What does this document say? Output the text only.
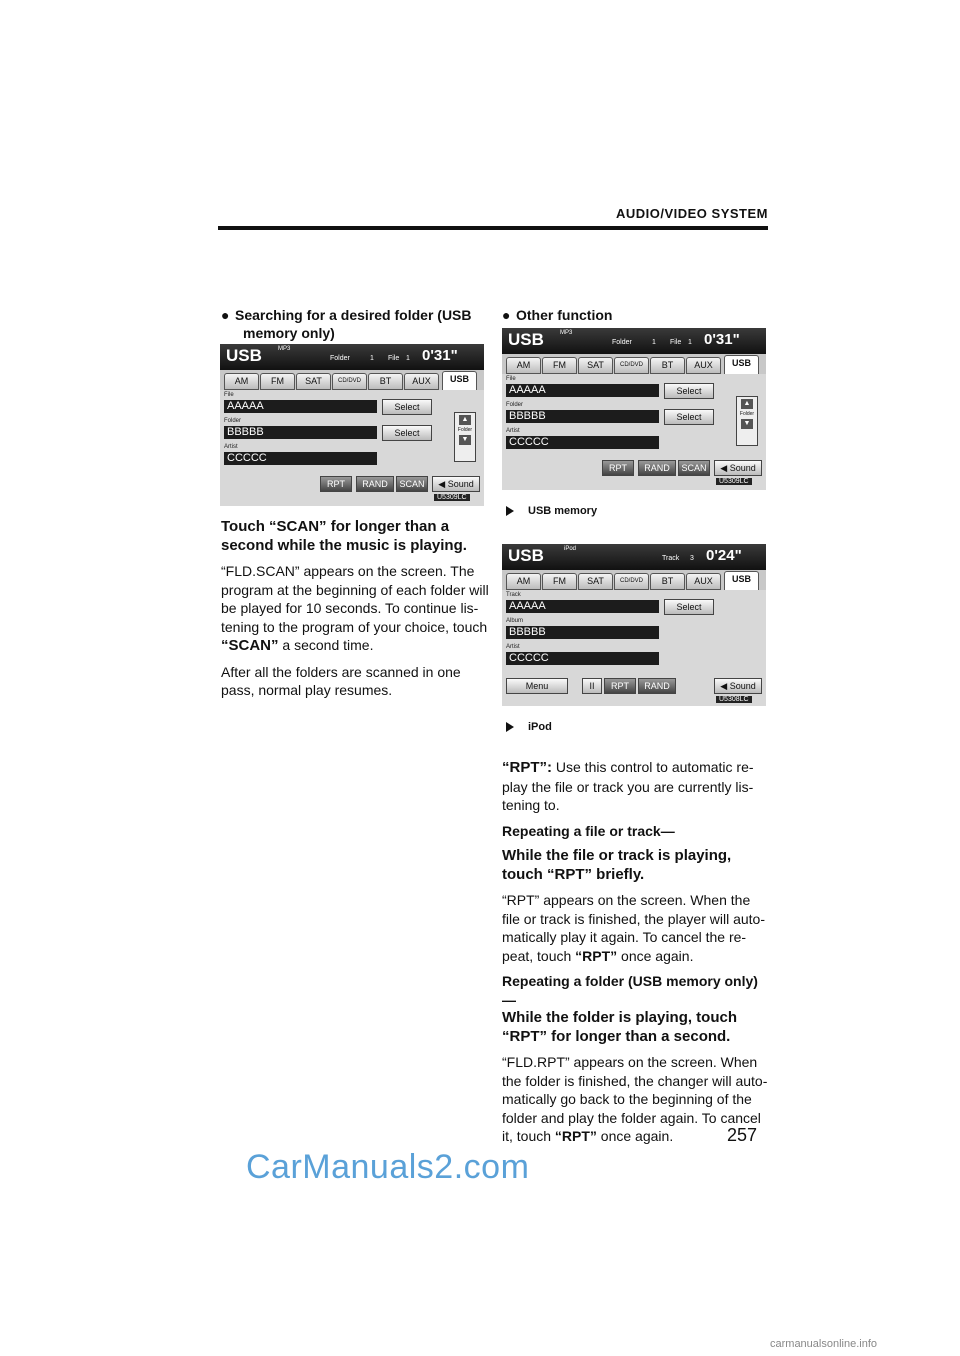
AUDIO/VIDEO SYSTEM
● Searching for a desired folder (USB
memory only)
USB	MP3
Folder	1 File 1 0'31"
AM	FM	SAT	CD/DVD	BT	AUX	USB
File
AAAAA	Select
Folder
BBBBB	Select
Artist
CCCCC
▲
Folder
▼
RPT	RAND	SCAN	◀ Sound
U5309LC

Touch “SCAN” for longer than a second while the music is playing.

“FLD.SCAN” appears on the screen. The program at the beginning of each folder will be played for 10 seconds. To continue lis-tening to the program of your choice, touch “SCAN” a second time.

After all the folders are scanned in one pass, normal play resumes.

● Other function
USB	MP3
Folder	1 File 1 0'31"
AM	FM	SAT	CD/DVD	BT	AUX	USB
File
AAAAA	Select
Folder
BBBBB	Select
Artist
CCCCC
▲
Folder
▼
RPT	RAND	SCAN	◀ Sound
U5309LC
USB memory
USB	iPod
Track 3 0'24"
AM	FM	SAT	CD/DVD	BT	AUX	USB
Track
AAAAA	Select
Album
BBBBB
Artist
CCCCC
Menu	II	RPT	RAND	◀ Sound
U5308LC
iPod

“RPT”: Use this control to automatic re-play the file or track you are currently lis-tening to.

Repeating a file or track—

While the file or track is playing, touch “RPT” briefly.

“RPT” appears on the screen. When the file or track is finished, the player will auto-matically play it again. To cancel the re-peat, touch “RPT” once again.

Repeating a folder (USB memory only)
—

While the folder is playing, touch “RPT” for longer than a second.

“FLD.RPT” appears on the screen. When the folder is finished, the changer will auto-matically go back to the beginning of the folder and play the folder again. To cancel it, touch “RPT” once again.	257
CarManuals2.com
carmanualsonline.info
